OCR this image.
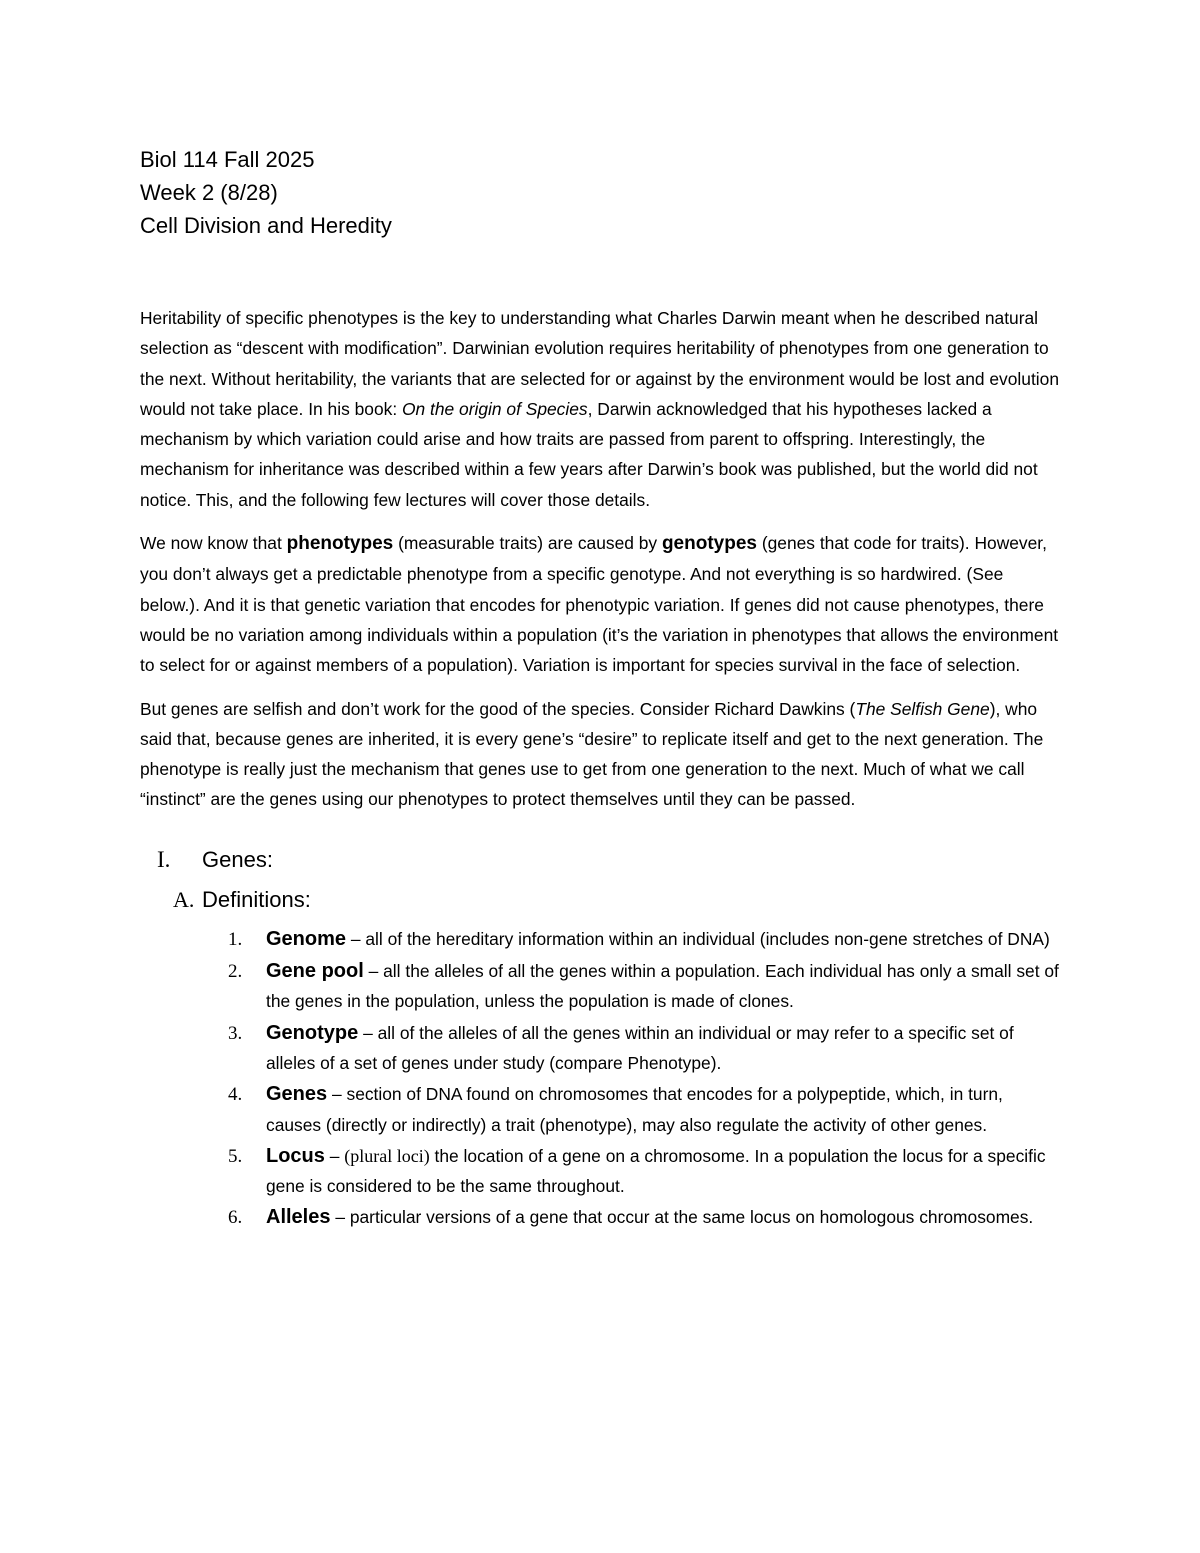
Biol 114 Fall 2025

Week 2 (8/28)

Cell Division and Heredity

Heritability of specific phenotypes is the key to understanding what Charles Darwin meant when he described natural selection as “descent with modification”. Darwinian evolution requires heritability of phenotypes from one generation to the next. Without heritability, the variants that are selected for or against by the environment would be lost and evolution would not take place. In his book: On the origin of Species, Darwin acknowledged that his hypotheses lacked a mechanism by which variation could arise and how traits are passed from parent to offspring. Interestingly, the mechanism for inheritance was described within a few years after Darwin’s book was published, but the world did not notice. This, and the following few lectures will cover those details.

We now know that phenotypes (measurable traits) are caused by genotypes (genes that code for traits). However, you don’t always get a predictable phenotype from a specific genotype. And not everything is so hardwired. (See below.). And it is that genetic variation that encodes for phenotypic variation. If genes did not cause phenotypes, there would be no variation among individuals within a population (it’s the variation in phenotypes that allows the environment to select for or against members of a population). Variation is important for species survival in the face of selection.

But genes are selfish and don’t work for the good of the species. Consider Richard Dawkins (The Selfish Gene), who said that, because genes are inherited, it is every gene’s “desire” to replicate itself and get to the next generation. The phenotype is really just the mechanism that genes use to get from one generation to the next. Much of what we call “instinct” are the genes using our phenotypes to protect themselves until they can be passed.

I.	Genes:
A. Definitions:
1.	Genome – all of the hereditary information within an individual (includes non-gene stretches of DNA)
2.	Gene pool – all the alleles of all the genes within a population. Each individual has only a small set of the genes in the population, unless the population is made of clones.
3.	Genotype – all of the alleles of all the genes within an individual or may refer to a specific set of alleles of a set of genes under study (compare Phenotype).
4.	Genes – section of DNA found on chromosomes that encodes for a polypeptide, which, in turn, causes (directly or indirectly) a trait (phenotype), may also regulate the activity of other genes.
5.	Locus – (plural loci) the location of a gene on a chromosome. In a population the locus for a specific gene is considered to be the same throughout.
6.	Alleles – particular versions of a gene that occur at the same locus on homologous chromosomes.
